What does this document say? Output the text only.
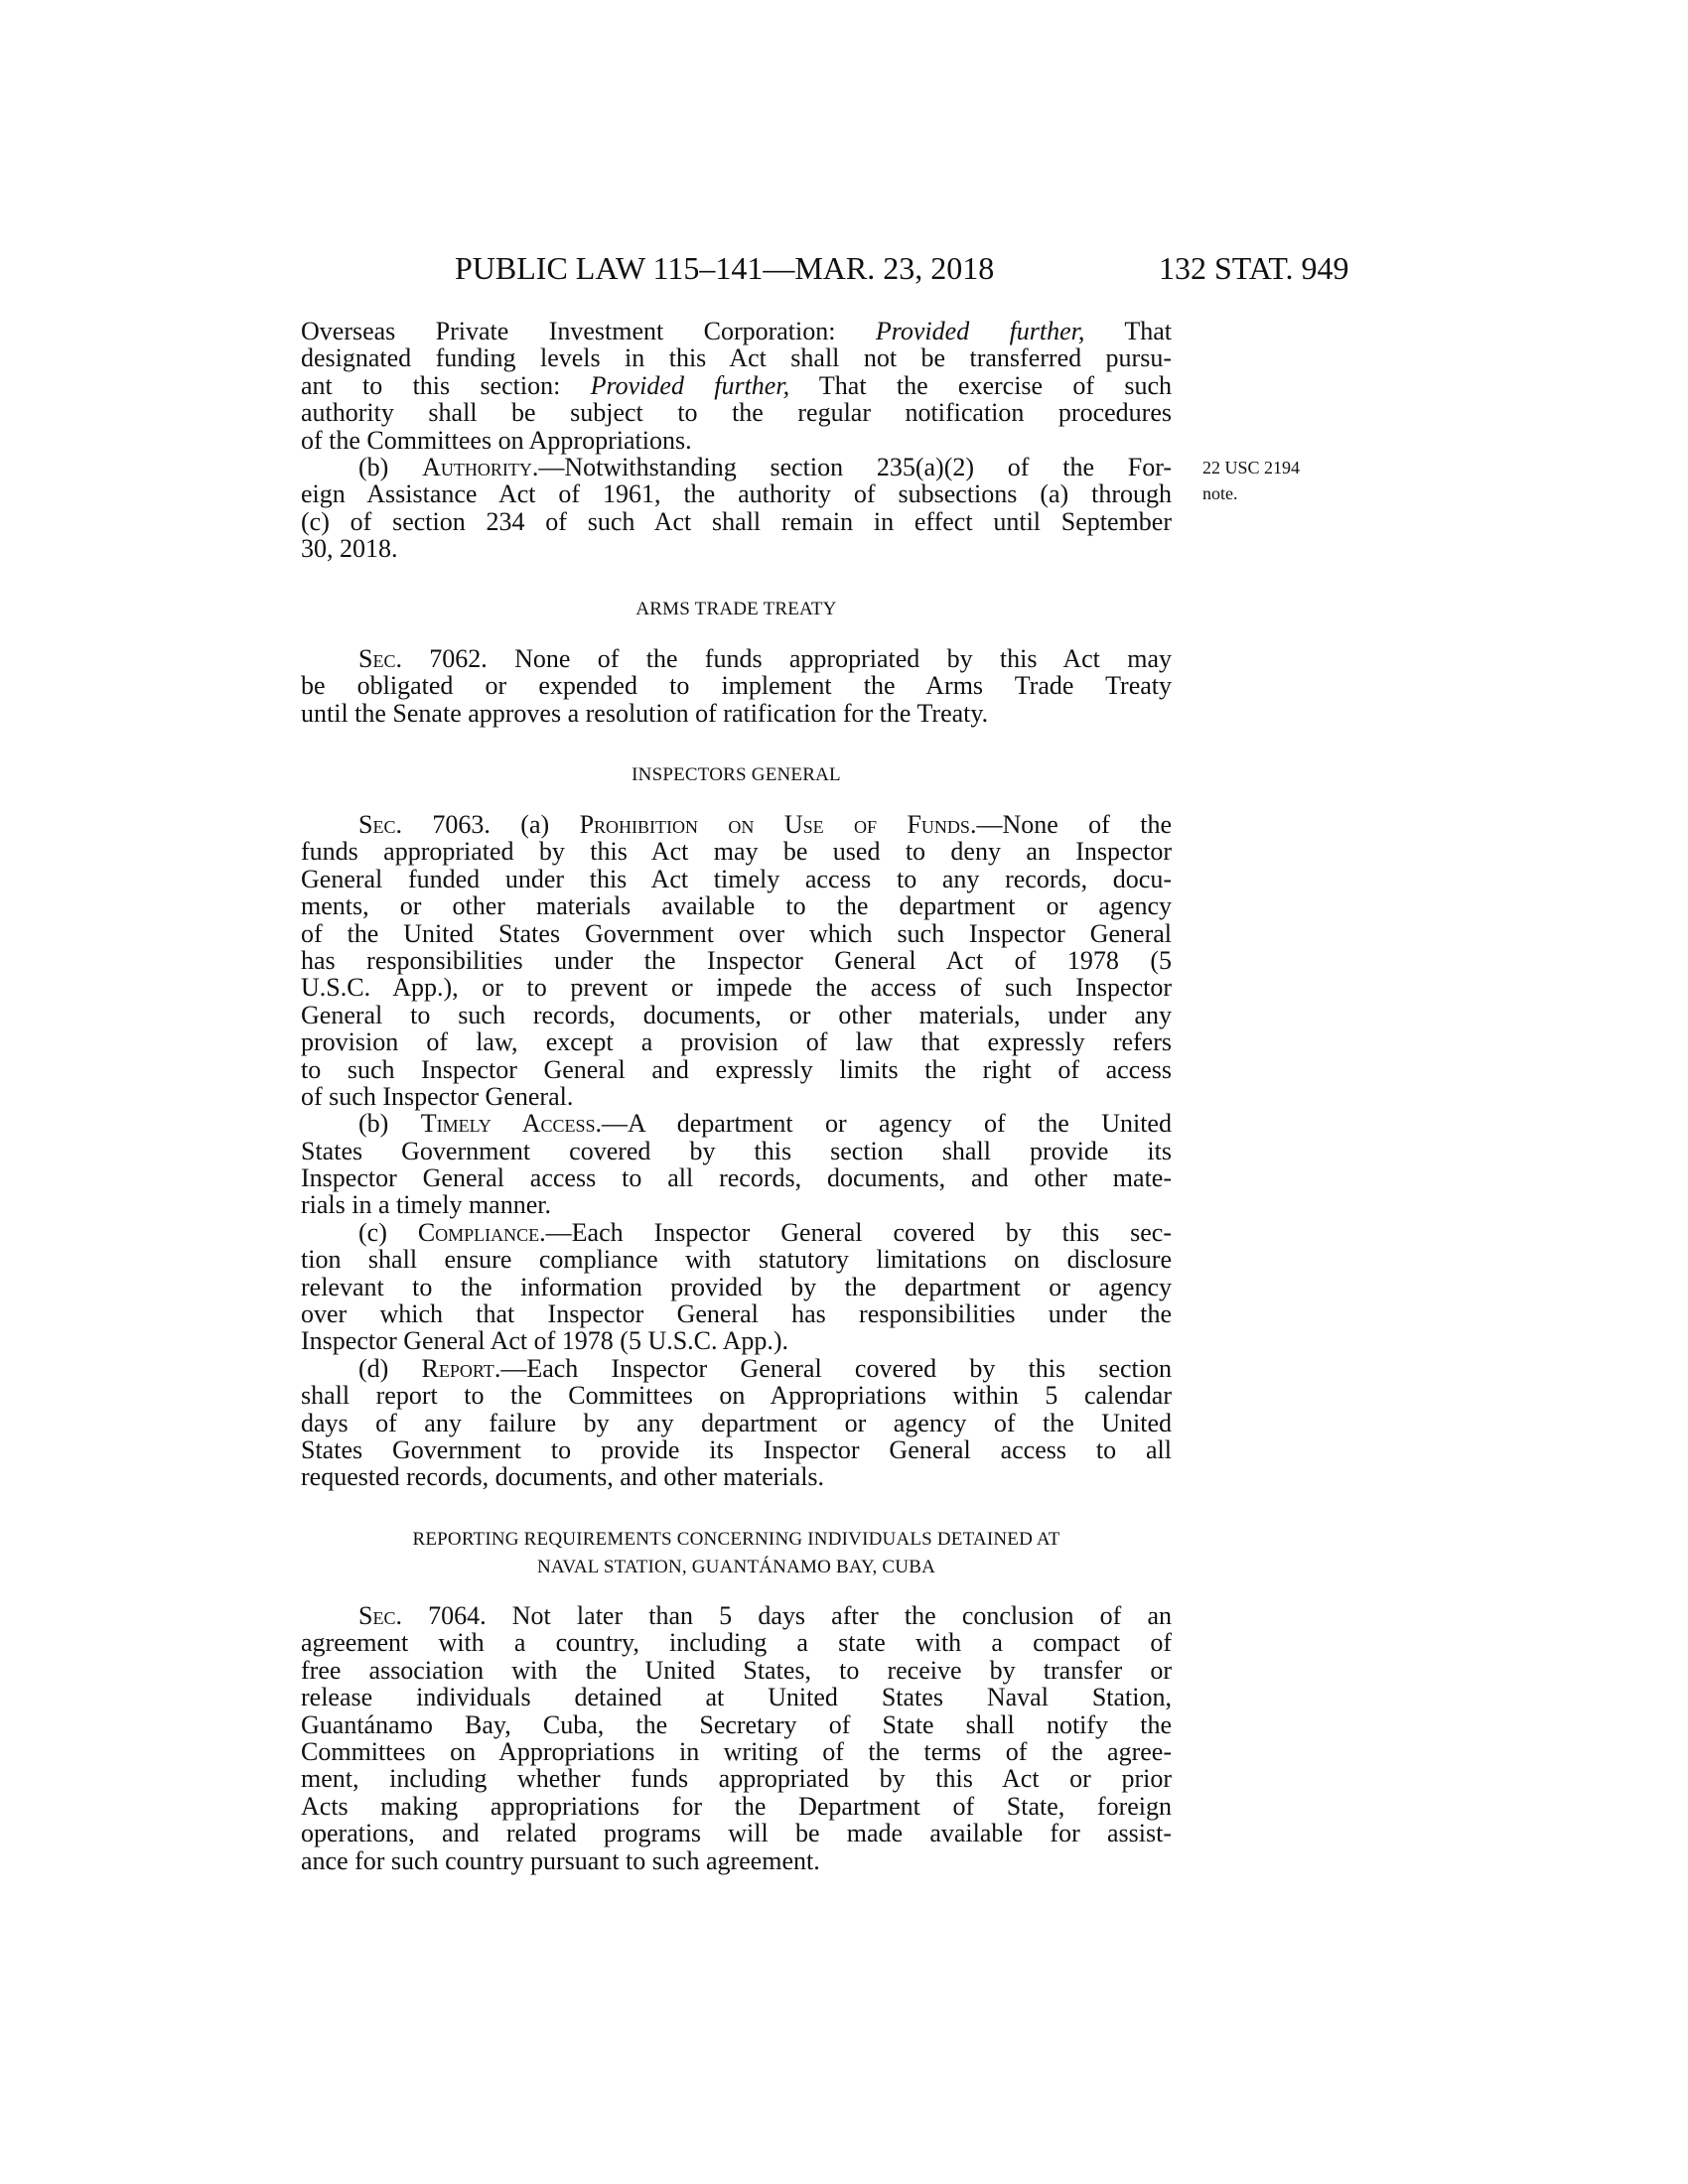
PUBLIC LAW 115–141—MAR. 23, 2018	132 STAT. 949
Overseas Private Investment Corporation: Provided further, That
designated funding levels in this Act shall not be transferred pursu-
ant to this section: Provided further, That the exercise of such
authority shall be subject to the regular notification procedures
of the Committees on Appropriations.
(b) Authority.—Notwithstanding section 235(a)(2) of the For-
eign Assistance Act of 1961, the authority of subsections (a) through
(c) of section 234 of such Act shall remain in effect until September
30, 2018.
22 USC 2194
note.
ARMS TRADE TREATY
Sec. 7062. None of the funds appropriated by this Act may
be obligated or expended to implement the Arms Trade Treaty
until the Senate approves a resolution of ratification for the Treaty.
INSPECTORS GENERAL
Sec. 7063. (a) Prohibition on Use of Funds.—None of the
funds appropriated by this Act may be used to deny an Inspector
General funded under this Act timely access to any records, docu-
ments, or other materials available to the department or agency
of the United States Government over which such Inspector General
has responsibilities under the Inspector General Act of 1978 (5
U.S.C. App.), or to prevent or impede the access of such Inspector
General to such records, documents, or other materials, under any
provision of law, except a provision of law that expressly refers
to such Inspector General and expressly limits the right of access
of such Inspector General.
(b) Timely Access.—A department or agency of the United
States Government covered by this section shall provide its
Inspector General access to all records, documents, and other mate-
rials in a timely manner.
(c) Compliance.—Each Inspector General covered by this sec-
tion shall ensure compliance with statutory limitations on disclosure
relevant to the information provided by the department or agency
over which that Inspector General has responsibilities under the
Inspector General Act of 1978 (5 U.S.C. App.).
(d) Report.—Each Inspector General covered by this section
shall report to the Committees on Appropriations within 5 calendar
days of any failure by any department or agency of the United
States Government to provide its Inspector General access to all
requested records, documents, and other materials.
REPORTING REQUIREMENTS CONCERNING INDIVIDUALS DETAINED AT
NAVAL STATION, GUANTÁNAMO BAY, CUBA
Sec. 7064. Not later than 5 days after the conclusion of an
agreement with a country, including a state with a compact of
free association with the United States, to receive by transfer or
release individuals detained at United States Naval Station,
Guantánamo Bay, Cuba, the Secretary of State shall notify the
Committees on Appropriations in writing of the terms of the agree-
ment, including whether funds appropriated by this Act or prior
Acts making appropriations for the Department of State, foreign
operations, and related programs will be made available for assist-
ance for such country pursuant to such agreement.
